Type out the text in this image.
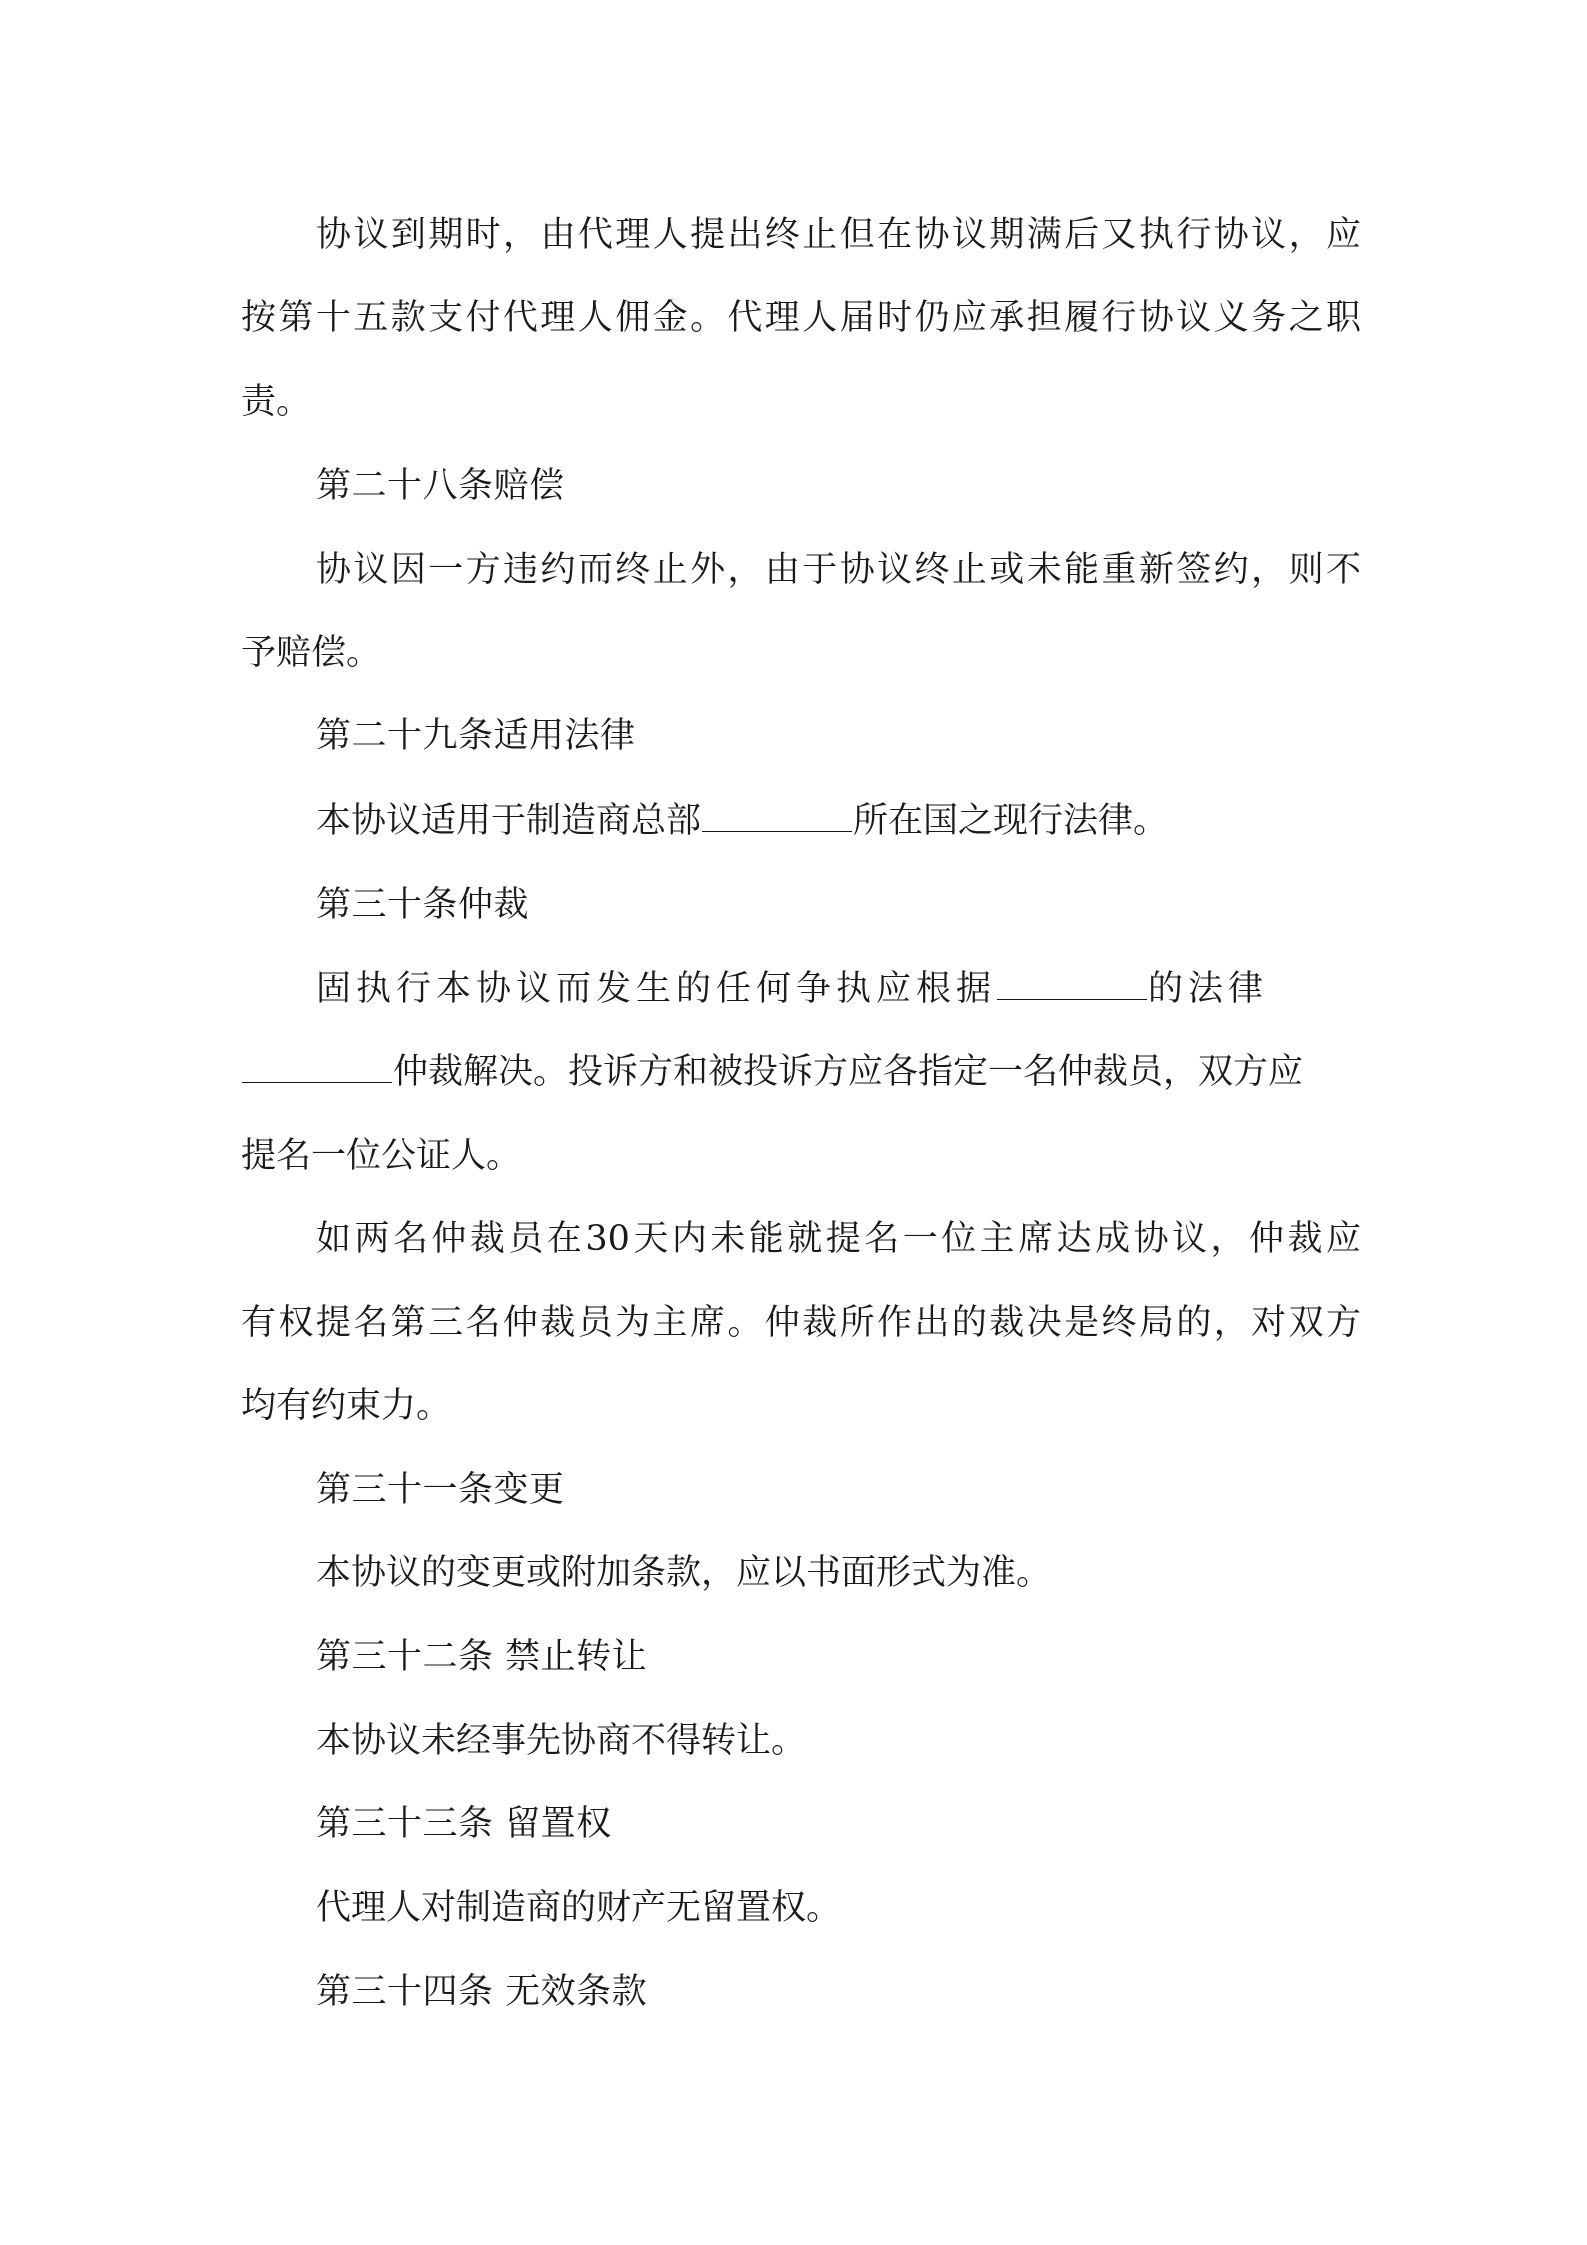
协议到期时，由代理人提出终止但在协议期满后又执行协议，应
按第十五款支付代理人佣金。代理人届时仍应承担履行协议义务之职
责。
第二十八条赔偿
协议因一方违约而终止外，由于协议终止或未能重新签约，则不
予赔偿。
第二十九条适用法律
本协议适用于制造商总部	所在国之现行法律。
第三十条仲裁
固执行本协议而发生的任何争执应根据	的法律
仲裁解决。投诉方和被投诉方应各指定一名仲裁员，双方应
提名一位公证人。
如两名仲裁员在30天内未能就提名一位主席达成协议，仲裁应
有权提名第三名仲裁员为主席。仲裁所作出的裁决是终局的，对双方
均有约束力。
第三十一条变更
本协议的变更或附加条款，应以书面形式为准。
第三十二条 禁止转让
本协议未经事先协商不得转让。
第三十三条 留置权
代理人对制造商的财产无留置权。
第三十四条 无效条款
